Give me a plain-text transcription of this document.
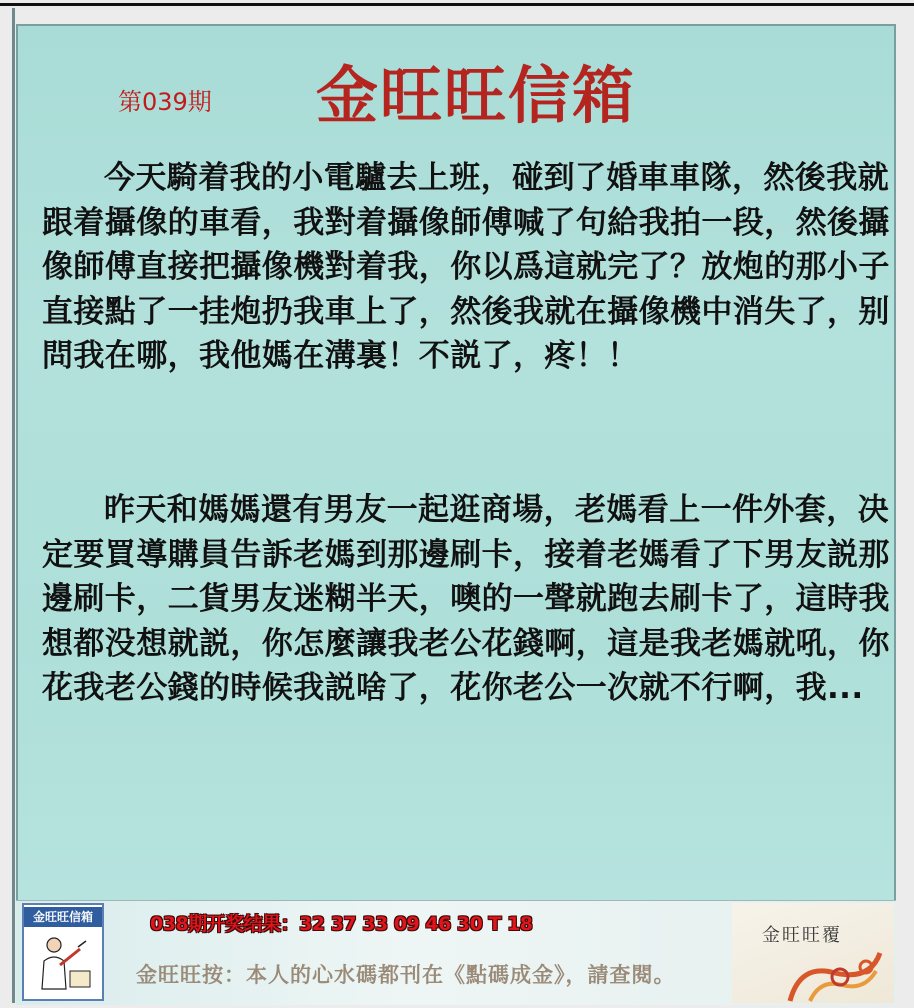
第039期 金旺旺信箱

今天騎着我的小電驢去上班，碰到了婚車車隊，然後我就跟着攝像的車看，我對着攝像師傅喊了句給我拍一段，然後攝像師傅直接把攝像機對着我，你以爲這就完了？放炮的那小子直接點了一挂炮扔我車上了，然後我就在攝像機中消失了，别問我在哪，我他媽在溝裏！不説了，疼！！

昨天和媽媽還有男友一起逛商場，老媽看上一件外套，决定要買導購員告訴老媽到那邊刷卡，接着老媽看了下男友説那邊刷卡，二貨男友迷糊半天，噢的一聲就跑去刷卡了，這時我想都没想就説，你怎麼讓我老公花錢啊，這是我老媽就吼，你花我老公錢的時候我説啥了，花你老公一次就不行啊，我...

金旺旺信箱	038期开奖结果：32 37 33 09 46 30 T 18
金旺旺按：本人的心水碼都刊在《點碼成金》，請查閱。
金旺旺覆
